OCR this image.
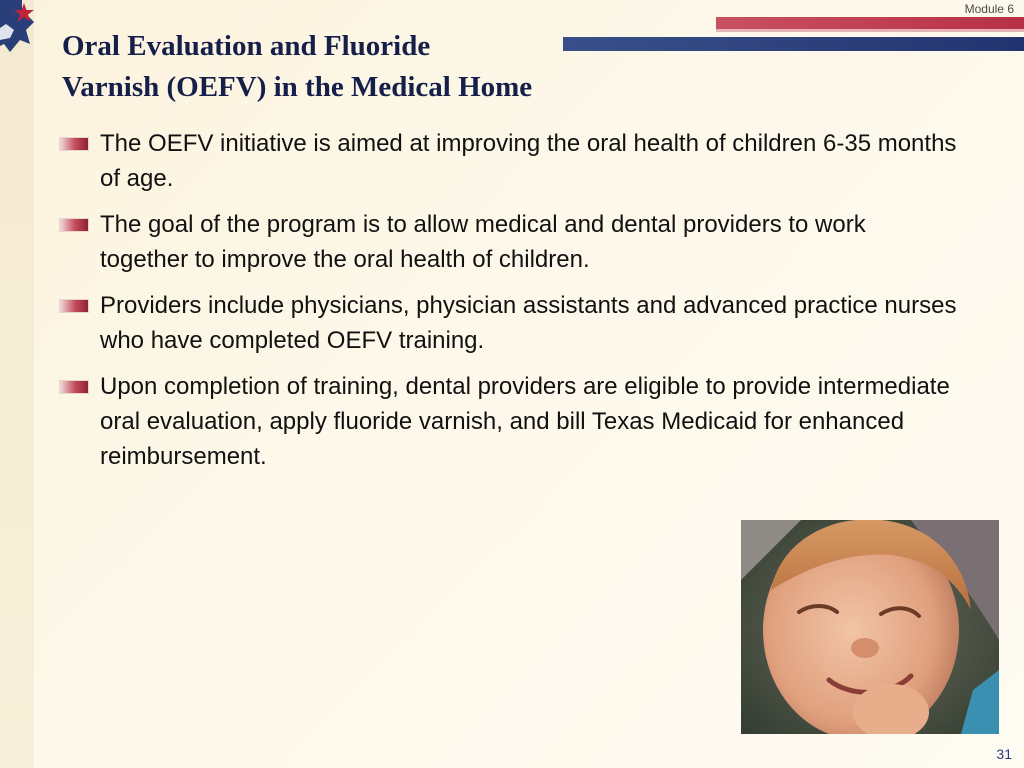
Module 6
Oral Evaluation and Fluoride
Varnish (OEFV) in the Medical Home
The OEFV initiative is aimed at improving the oral health of children 6-35 months of age.
The goal of the program is to allow medical and dental providers to work together to improve the oral health of children.
Providers include physicians, physician assistants and advanced practice nurses who have completed OEFV training.
Upon completion of training, dental providers are eligible to provide intermediate oral evaluation, apply fluoride varnish, and bill Texas Medicaid for enhanced reimbursement.
31
